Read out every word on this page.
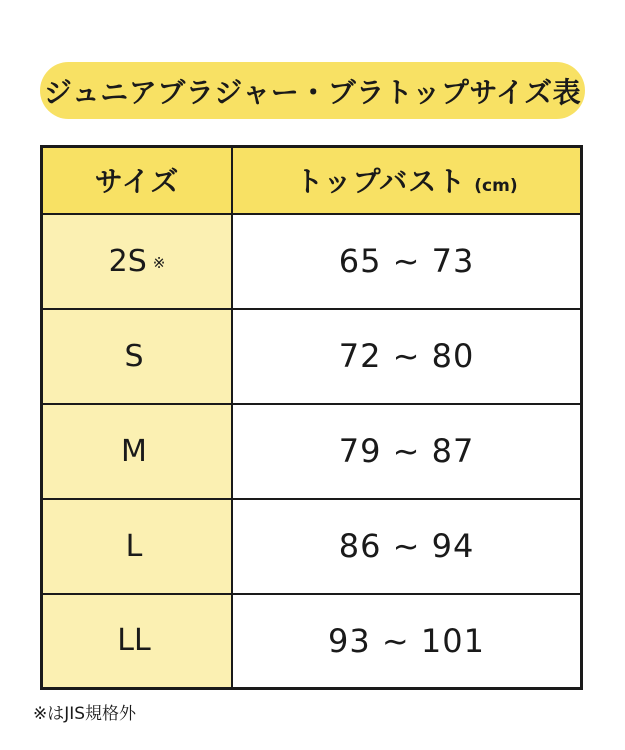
ジュニアブラジャー・ブラトップサイズ表
サイズ	トップバスト (cm)
2S ※	65 ~ 73
S	72 ~ 80
M	79 ~ 87
L	86 ~ 94
LL	93 ~ 101
※はJIS規格外
